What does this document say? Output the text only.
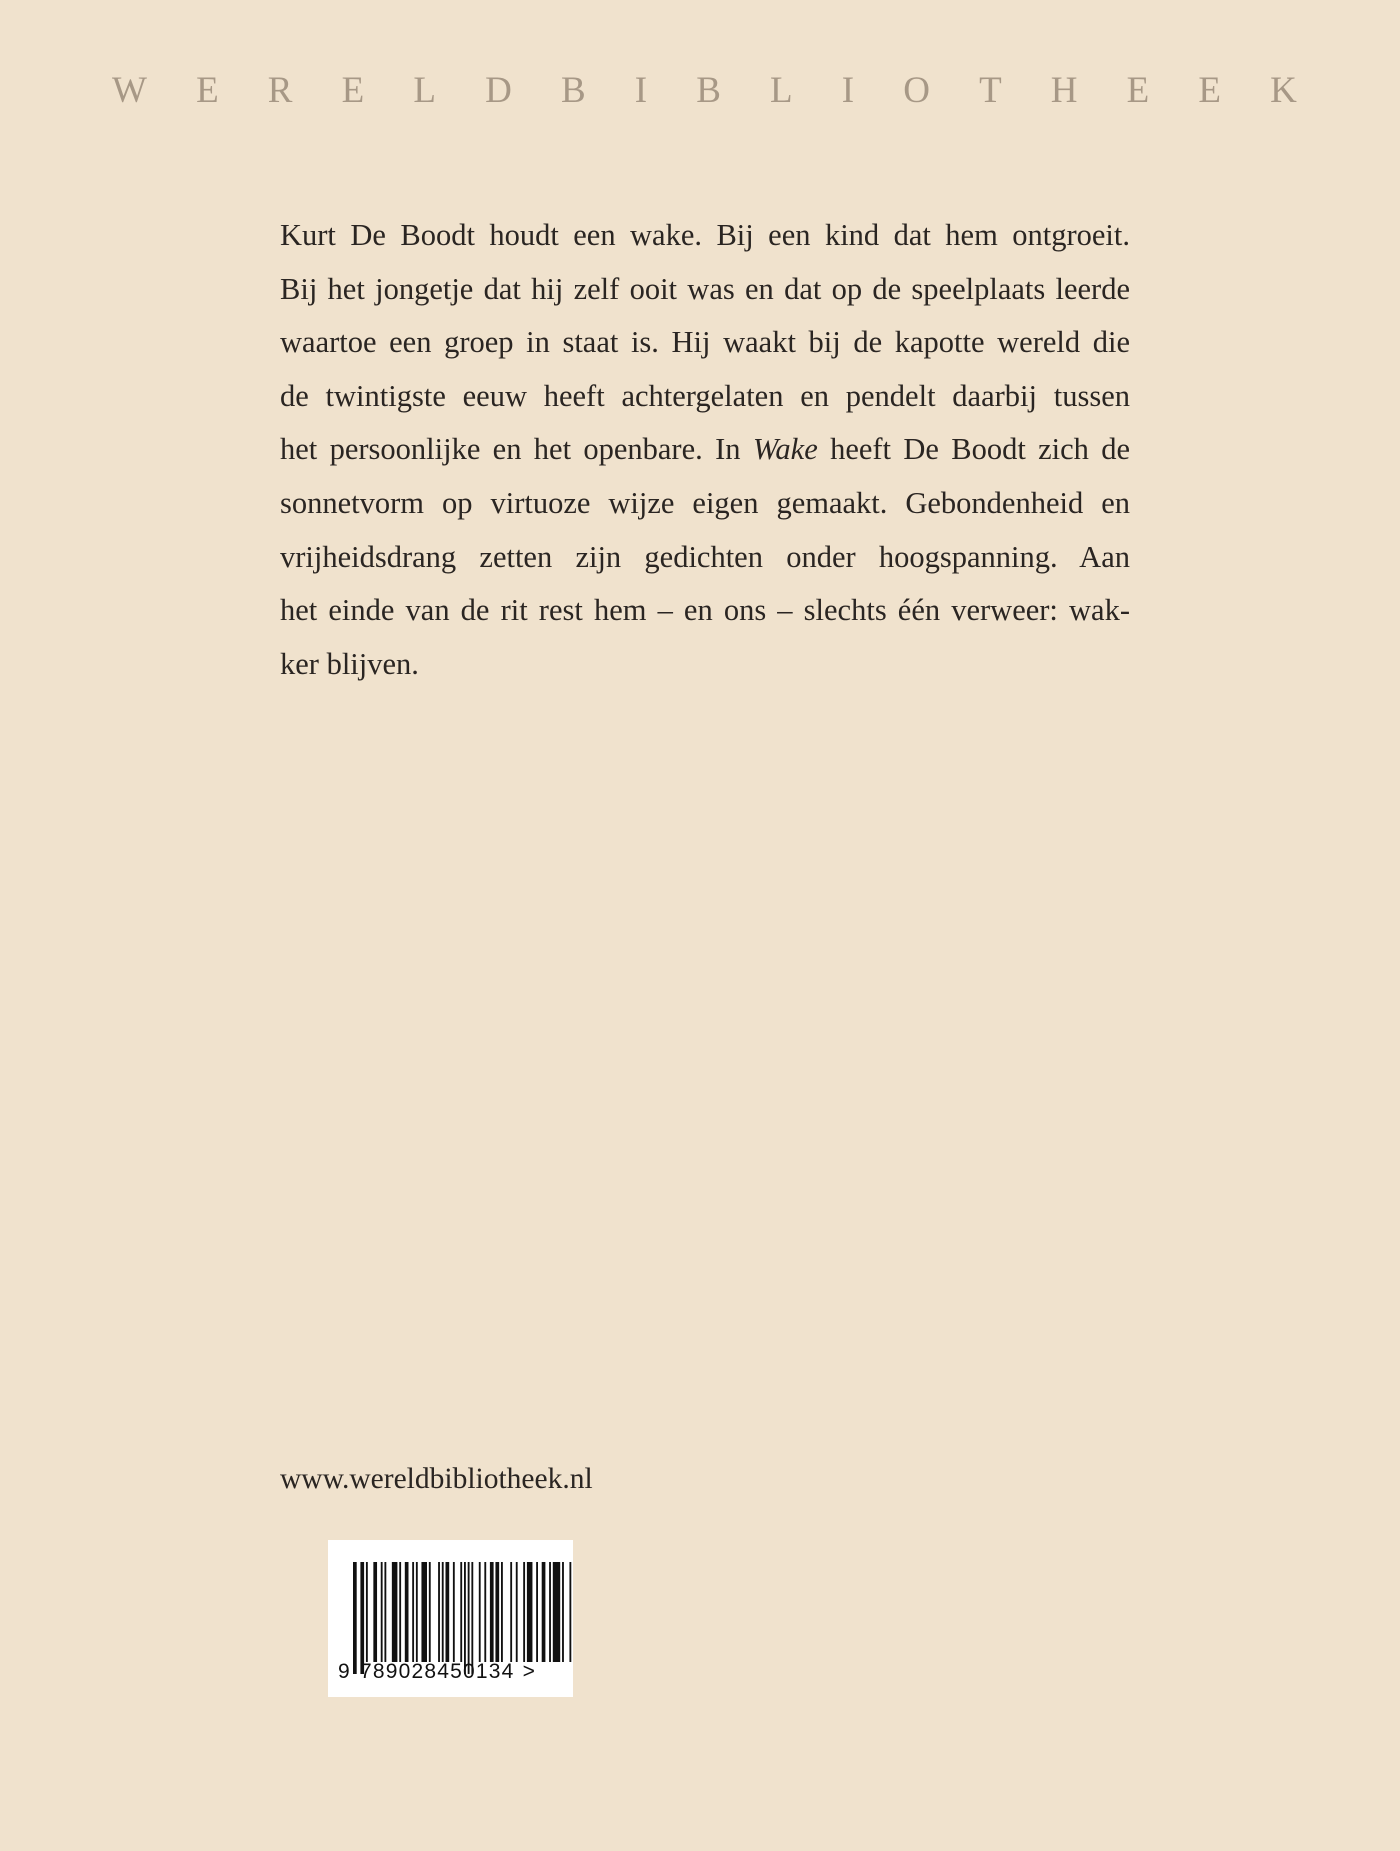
W E R E L D B I B L I O T H E E K
Kurt De Boodt houdt een wake. Bij een kind dat hem ontgroeit.
Bij het jongetje dat hij zelf ooit was en dat op de speelplaats leerde
waartoe een groep in staat is. Hij waakt bij de kapotte wereld die
de twintigste eeuw heeft achtergelaten en pendelt daarbij tussen
het persoonlijke en het openbare. In Wake heeft De Boodt zich de
sonnetvorm op virtuoze wijze eigen gemaakt. Gebondenheid en
vrijheidsdrang zetten zijn gedichten onder hoogspanning. Aan
het einde van de rit rest hem – en ons – slechts één verweer: wak-
ker blijven.
www.wereldbibliotheek.nl
9 789028450134 >
